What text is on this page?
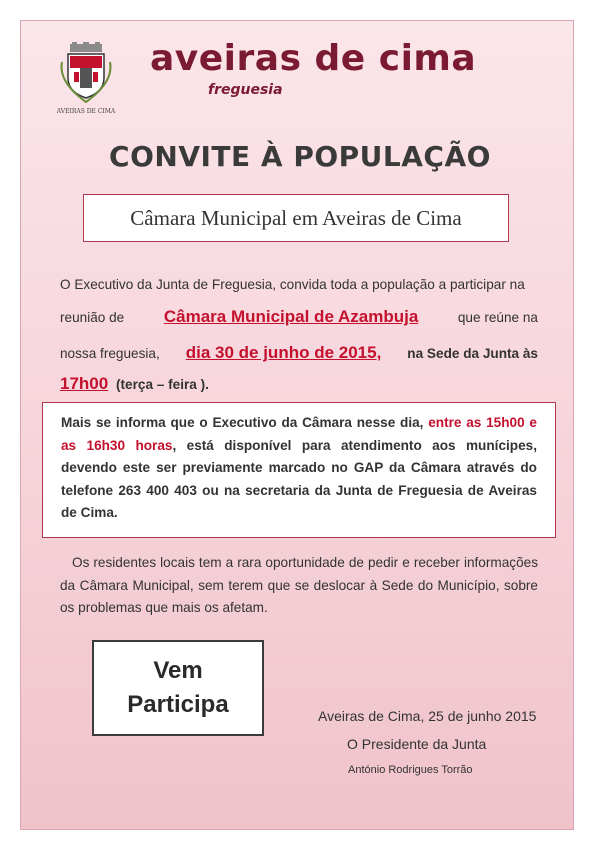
AVEIRAS DE CIMA
aveiras de cima
freguesia
CONVITE À POPULAÇÃO
Câmara Municipal em Aveiras de Cima
O Executivo da Junta de Freguesia, convida toda a população a participar na
reunião de Câmara Municipal de Azambuja	que reúne na
nossa freguesia, dia 30 de junho de 2015, na Sede da Junta às
17h00 (terça – feira ).
Mais se informa que o Executivo da Câmara nesse dia, entre as 15h00 e as 16h30 horas, está disponível para atendimento aos munícipes, devendo este ser previamente marcado no GAP da Câmara através do telefone 263 400 403 ou na secretaria da Junta de Freguesia de Aveiras de Cima.
Os residentes locais tem a rara oportunidade de pedir e receber informações da Câmara Municipal, sem terem que se deslocar à Sede do Município, sobre os problemas que mais os afetam.
Vem
Participa	Aveiras de Cima, 25 de junho 2015
O Presidente da Junta
António Rodrigues Torrão
